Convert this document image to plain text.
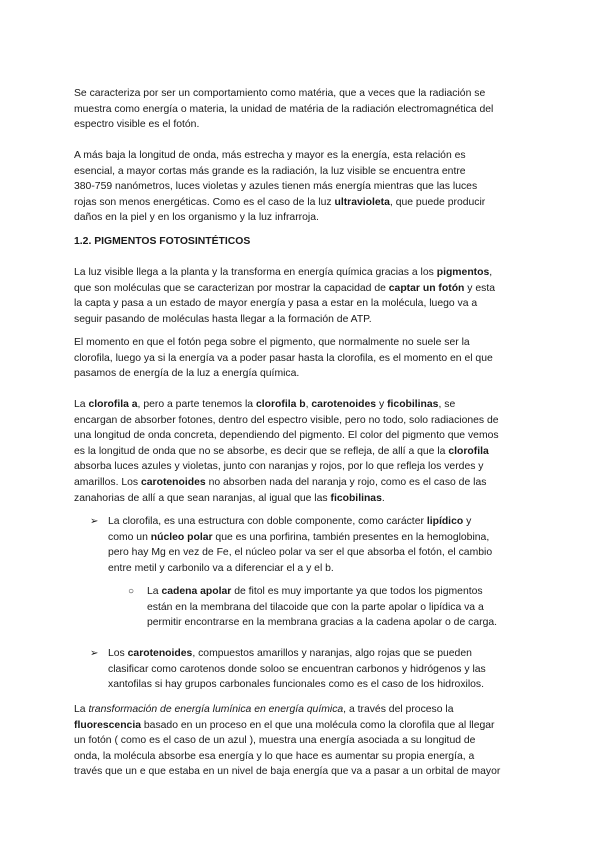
Se caracteriza por ser un comportamiento como matéria, que a veces que la radiación se
muestra como energía o materia, la unidad de matéria de la radiación electromagnética del
espectro visible es el fotón.

A más baja la longitud de onda, más estrecha y mayor es la energía, esta relación es
esencial, a mayor cortas más grande es la radiación, la luz visible se encuentra entre
380-759 nanómetros, luces violetas y azules tienen más energía mientras que las luces
rojas son menos energéticas. Como es el caso de la luz ultravioleta, que puede producir
daños en la piel y en los organismo y la luz infrarroja.

1.2. PIGMENTOS FOTOSINTÉTICOS

La luz visible llega a la planta y la transforma en energía química gracias a los pigmentos,
que son moléculas que se caracterizan por mostrar la capacidad de captar un fotón y esta
la capta y pasa a un estado de mayor energía y pasa a estar en la molécula, luego va a
seguir pasando de moléculas hasta llegar a la formación de ATP.

El momento en que el fotón pega sobre el pigmento, que normalmente no suele ser la
clorofila, luego ya si la energía va a poder pasar hasta la clorofila, es el momento en el que
pasamos de energía de la luz a energía química.

La clorofila a, pero a parte tenemos la clorofila b, carotenoides y ficobilinas, se
encargan de absorber fotones, dentro del espectro visible, pero no todo, solo radiaciones de
una longitud de onda concreta, dependiendo del pigmento. El color del pigmento que vemos
es la longitud de onda que no se absorbe, es decir que se refleja, de allí a que la clorofila
absorba luces azules y violetas, junto con naranjas y rojos, por lo que refleja los verdes y
amarillos. Los carotenoides no absorben nada del naranja y rojo, como es el caso de las
zanahorias de allí a que sean naranjas, al igual que las ficobilinas.

➢ La clorofila, es una estructura con doble componente, como carácter lipídico y
como un núcleo polar que es una porfirina, también presentes en la hemoglobina,
pero hay Mg en vez de Fe, el núcleo polar va ser el que absorba el fotón, el cambio
entre metil y carbonilo va a diferenciar el a y el b.

○ La cadena apolar de fitol es muy importante ya que todos los pigmentos
están en la membrana del tilacoide que con la parte apolar o lipídica va a
permitir encontrarse en la membrana gracias a la cadena apolar o de carga.

➢ Los carotenoides, compuestos amarillos y naranjas, algo rojas que se pueden
clasificar como carotenos donde soloo se encuentran carbonos y hidrógenos y las
xantofilas si hay grupos carbonales funcionales como es el caso de los hidroxilos.

La transformación de energía lumínica en energía química, a través del proceso la
fluorescencia basado en un proceso en el que una molécula como la clorofila que al llegar
un fotón ( como es el caso de un azul ), muestra una energía asociada a su longitud de
onda, la molécula absorbe esa energía y lo que hace es aumentar su propia energía, a
través que un e que estaba en un nivel de baja energía que va a pasar a un orbital de mayor
